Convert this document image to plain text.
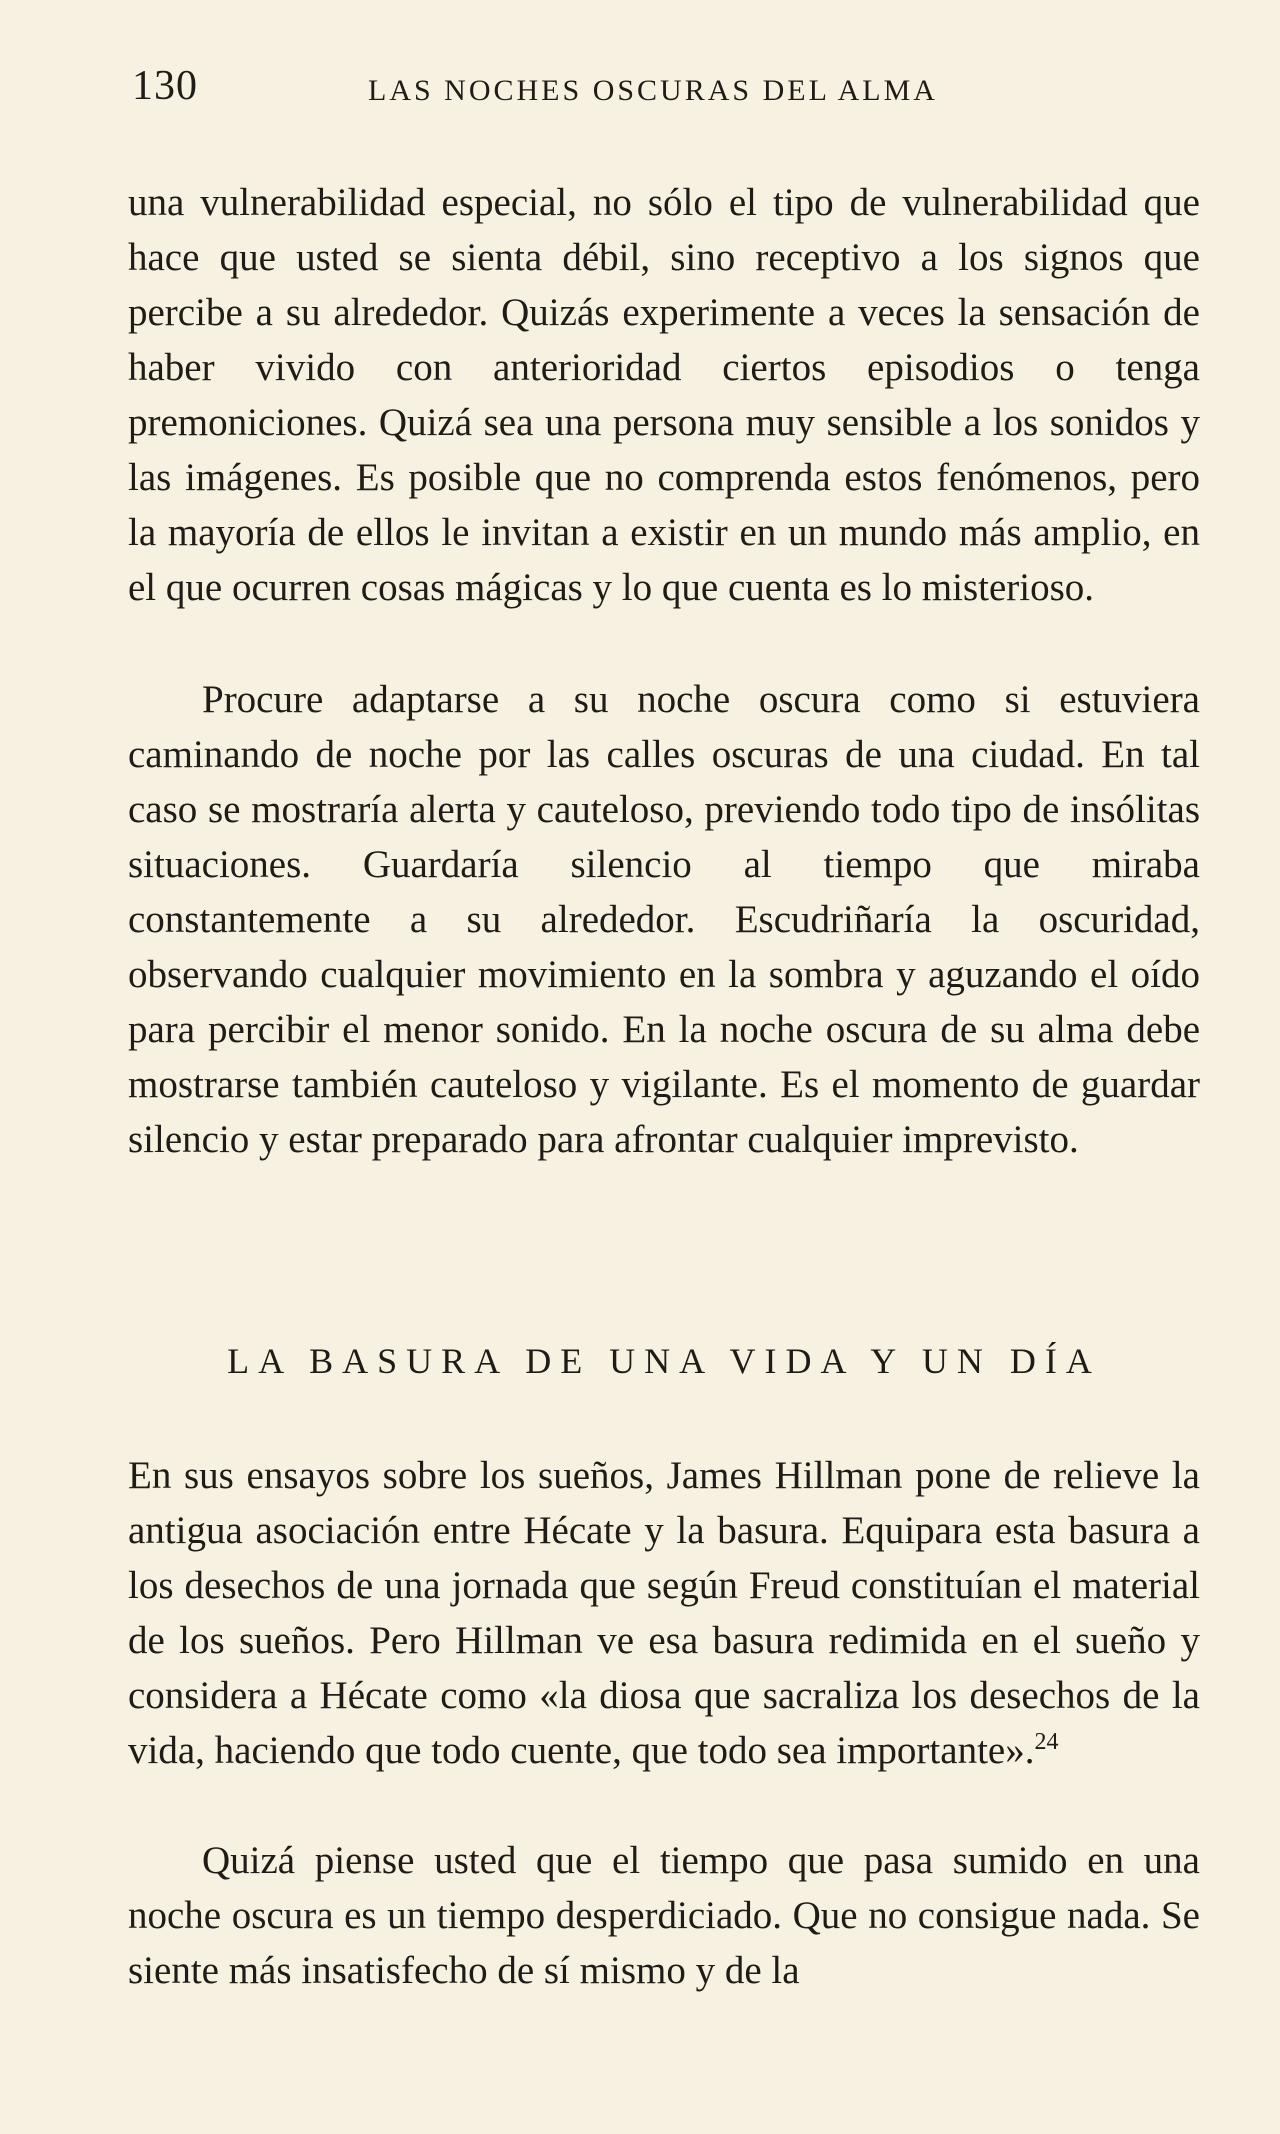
130	LAS NOCHES OSCURAS DEL ALMA

una vulnerabilidad especial, no sólo el tipo de vulnerabilidad que hace que usted se sienta débil, sino receptivo a los signos que percibe a su alrededor. Quizás experimente a veces la sensación de haber vivido con anterioridad ciertos episodios o tenga premoniciones. Quizá sea una persona muy sensible a los sonidos y las imágenes. Es posible que no comprenda estos fenómenos, pero la mayoría de ellos le invitan a existir en un mundo más amplio, en el que ocurren cosas mágicas y lo que cuenta es lo misterioso.

Procure adaptarse a su noche oscura como si estuviera caminando de noche por las calles oscuras de una ciudad. En tal caso se mostraría alerta y cauteloso, previendo todo tipo de insólitas situaciones. Guardaría silencio al tiempo que miraba constantemente a su alrededor. Escudriñaría la oscuridad, observando cualquier movimiento en la sombra y aguzando el oído para percibir el menor sonido. En la noche oscura de su alma debe mostrarse también cauteloso y vigilante. Es el momento de guardar silencio y estar preparado para afrontar cualquier imprevisto.

LA BASURA DE UNA VIDA Y UN DÍA

En sus ensayos sobre los sueños, James Hillman pone de relieve la antigua asociación entre Hécate y la basura. Equipara esta basura a los desechos de una jornada que según Freud constituían el material de los sueños. Pero Hillman ve esa basura redimida en el sueño y considera a Hécate como «la diosa que sacraliza los desechos de la vida, haciendo que todo cuente, que todo sea importante».$^{24}$

Quizá piense usted que el tiempo que pasa sumido en una noche oscura es un tiempo desperdiciado. Que no consigue nada. Se siente más insatisfecho de sí mismo y de la
